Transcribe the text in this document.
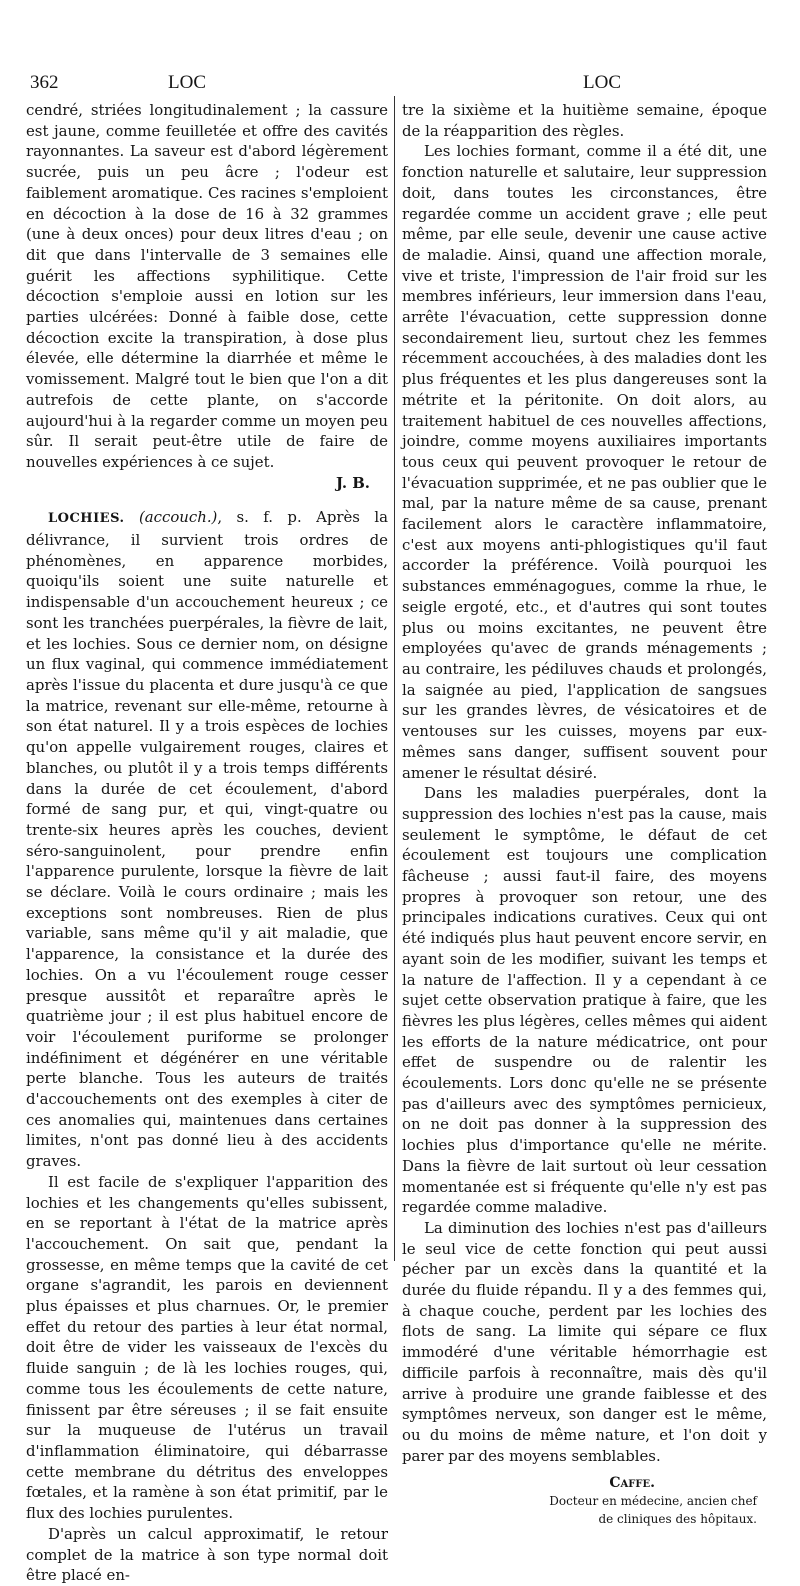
362	LOC	LOC

cendré, striées longitudinalement ; la cassure est jaune, comme feuilletée et offre des cavités rayonnantes. La saveur est d'abord légèrement sucrée, puis un peu âcre ; l'odeur est faiblement aromatique. Ces racines s'emploient en décoction à la dose de 16 à 32 grammes (une à deux onces) pour deux litres d'eau ; on dit que dans l'intervalle de 3 semaines elle guérit les affections syphilitique. Cette décoction s'emploie aussi en lotion sur les parties ulcérées: Donné à faible dose, cette décoction excite la transpiration, à dose plus élevée, elle détermine la diarrhée et même le vomissement. Malgré tout le bien que l'on a dit autrefois de cette plante, on s'accorde aujourd'hui à la regarder comme un moyen peu sûr. Il serait peut-être utile de faire de nouvelles expériences à ce sujet.

J. B.

LOCHIES. (accouch.), s. f. p. Après la délivrance, il survient trois ordres de phénomènes, en apparence morbides, quoiqu'ils soient une suite naturelle et indispensable d'un accouchement heureux ; ce sont les tranchées puerpérales, la fièvre de lait, et les lochies. Sous ce dernier nom, on désigne un flux vaginal, qui commence immédiatement après l'issue du placenta et dure jusqu'à ce que la matrice, revenant sur elle-même, retourne à son état naturel. Il y a trois espèces de lochies qu'on appelle vulgairement rouges, claires et blanches, ou plutôt il y a trois temps différents dans la durée de cet écoulement, d'abord formé de sang pur, et qui, vingt-quatre ou trente-six heures après les couches, devient séro-sanguinolent, pour prendre enfin l'apparence purulente, lorsque la fièvre de lait se déclare. Voilà le cours ordinaire ; mais les exceptions sont nombreuses. Rien de plus variable, sans même qu'il y ait maladie, que l'apparence, la consistance et la durée des lochies. On a vu l'écoulement rouge cesser presque aussitôt et reparaître après le quatrième jour ; il est plus habituel encore de voir l'écoulement puriforme se prolonger indéfiniment et dégénérer en une véritable perte blanche. Tous les auteurs de traités d'accouchements ont des exemples à citer de ces anomalies qui, maintenues dans certaines limites, n'ont pas donné lieu à des accidents graves.

Il est facile de s'expliquer l'apparition des lochies et les changements qu'elles subissent, en se reportant à l'état de la matrice après l'accouchement. On sait que, pendant la grossesse, en même temps que la cavité de cet organe s'agrandit, les parois en deviennent plus épaisses et plus charnues. Or, le premier effet du retour des parties à leur état normal, doit être de vider les vaisseaux de l'excès du fluide sanguin ; de là les lochies rouges, qui, comme tous les écoulements de cette nature, finissent par être séreuses ; il se fait ensuite sur la muqueuse de l'utérus un travail d'inflammation éliminatoire, qui débarrasse cette membrane du détritus des enveloppes fœtales, et la ramène à son état primitif, par le flux des lochies purulentes.

D'après un calcul approximatif, le retour complet de la matrice à son type normal doit être placé en-

tre la sixième et la huitième semaine, époque de la réapparition des règles.

Les lochies formant, comme il a été dit, une fonction naturelle et salutaire, leur suppression doit, dans toutes les circonstances, être regardée comme un accident grave ; elle peut même, par elle seule, devenir une cause active de maladie. Ainsi, quand une affection morale, vive et triste, l'impression de l'air froid sur les membres inférieurs, leur immersion dans l'eau, arrête l'évacuation, cette suppression donne secondairement lieu, surtout chez les femmes récemment accouchées, à des maladies dont les plus fréquentes et les plus dangereuses sont la métrite et la péritonite. On doit alors, au traitement habituel de ces nouvelles affections, joindre, comme moyens auxiliaires importants tous ceux qui peuvent provoquer le retour de l'évacuation supprimée, et ne pas oublier que le mal, par la nature même de sa cause, prenant facilement alors le caractère inflammatoire, c'est aux moyens anti-phlogistiques qu'il faut accorder la préférence. Voilà pourquoi les substances emménagogues, comme la rhue, le seigle ergoté, etc., et d'autres qui sont toutes plus ou moins excitantes, ne peuvent être employées qu'avec de grands ménagements ; au contraire, les pédiluves chauds et prolongés, la saignée au pied, l'application de sangsues sur les grandes lèvres, de vésicatoires et de ventouses sur les cuisses, moyens par eux-mêmes sans danger, suffisent souvent pour amener le résultat désiré.

Dans les maladies puerpérales, dont la suppression des lochies n'est pas la cause, mais seulement le symptôme, le défaut de cet écoulement est toujours une complication fâcheuse ; aussi faut-il faire, des moyens propres à provoquer son retour, une des principales indications curatives. Ceux qui ont été indiqués plus haut peuvent encore servir, en ayant soin de les modifier, suivant les temps et la nature de l'affection. Il y a cependant à ce sujet cette observation pratique à faire, que les fièvres les plus légères, celles mêmes qui aident les efforts de la nature médicatrice, ont pour effet de suspendre ou de ralentir les écoulements. Lors donc qu'elle ne se présente pas d'ailleurs avec des symptômes pernicieux, on ne doit pas donner à la suppression des lochies plus d'importance qu'elle ne mérite. Dans la fièvre de lait surtout où leur cessation momentanée est si fréquente qu'elle n'y est pas regardée comme maladive.

La diminution des lochies n'est pas d'ailleurs le seul vice de cette fonction qui peut aussi pécher par un excès dans la quantité et la durée du fluide répandu. Il y a des femmes qui, à chaque couche, perdent par les lochies des flots de sang. La limite qui sépare ce flux immodéré d'une véritable hémorrhagie est difficile parfois à reconnaître, mais dès qu'il arrive à produire une grande faiblesse et des symptômes nerveux, son danger est le même, ou du moins de même nature, et l'on doit y parer par des moyens semblables.

Caffe.
Docteur en médecine, ancien chef
de cliniques des hôpitaux.
